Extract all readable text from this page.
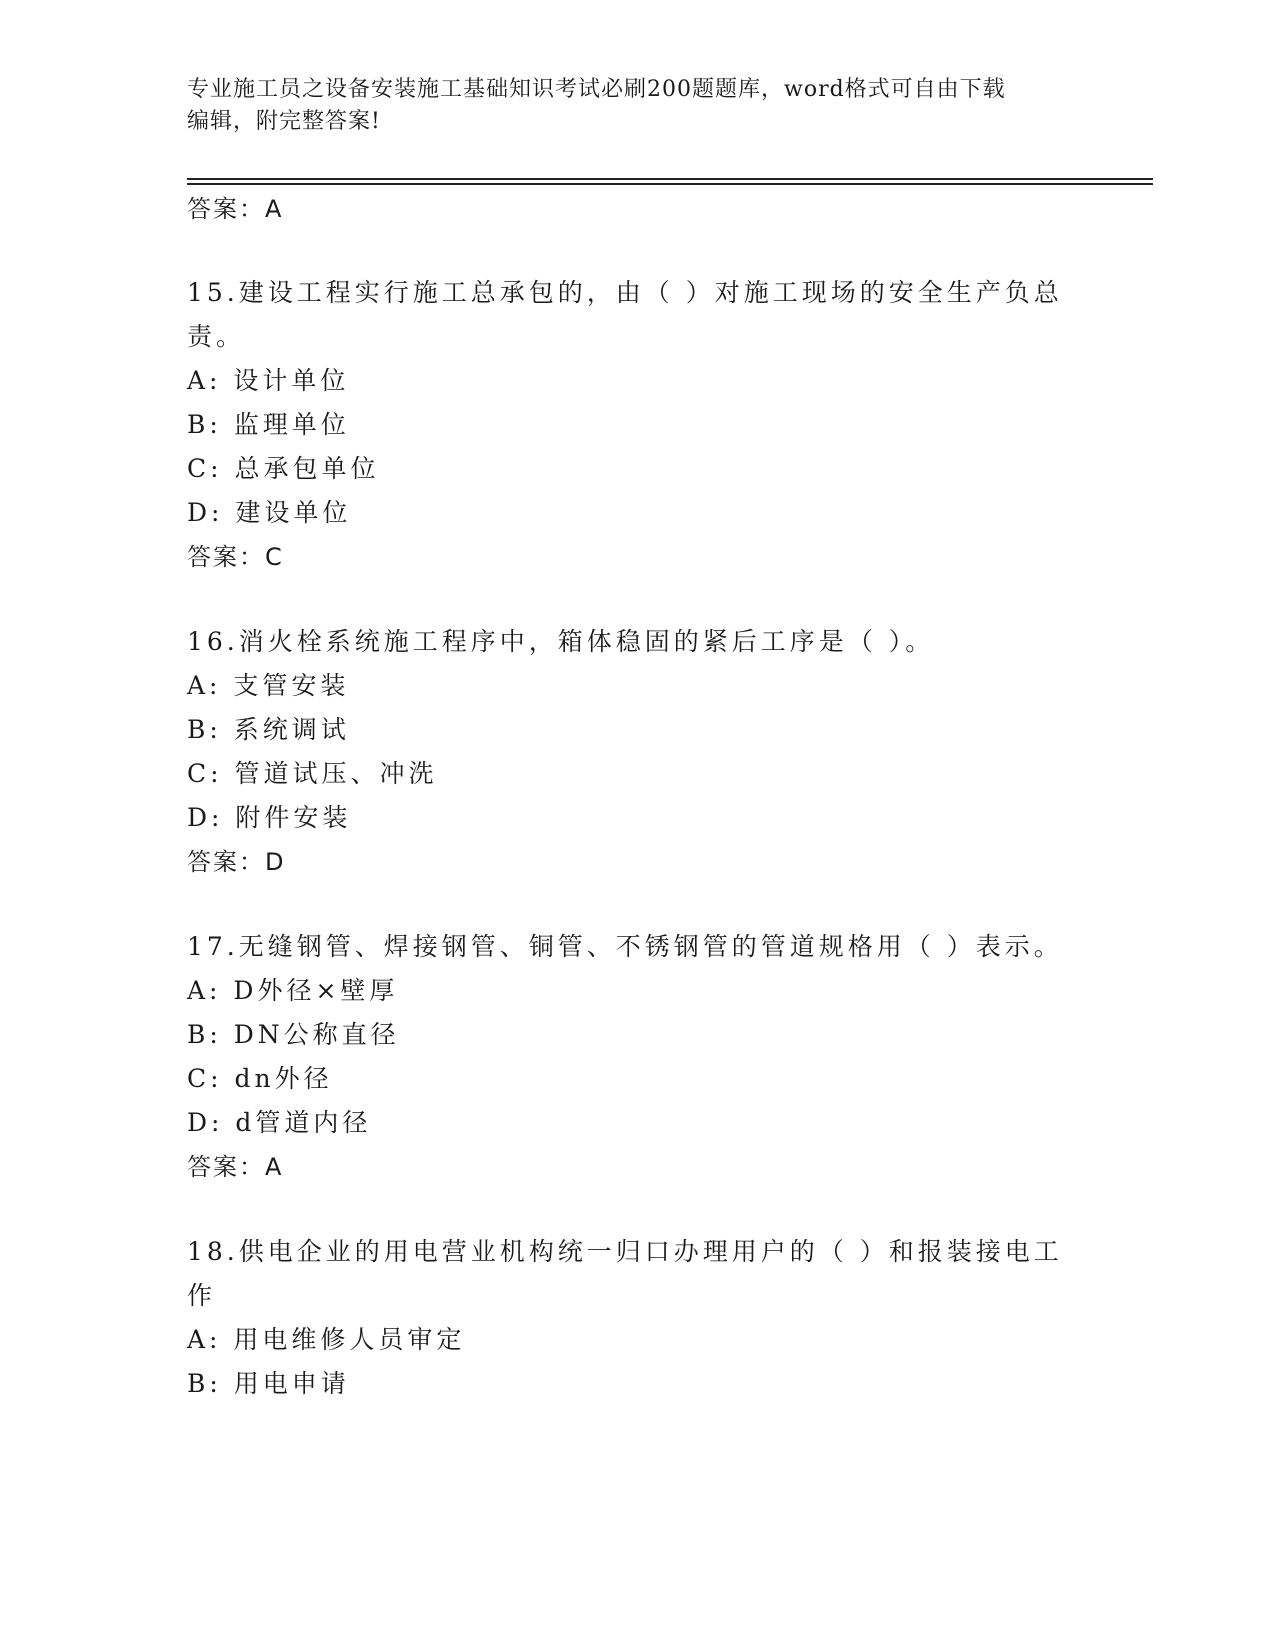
专业施工员之设备安装施工基础知识考试必刷200题题库，word格式可自由下载
编辑，附完整答案!
答案：A
15.建设工程实行施工总承包的，由（ ）对施工现场的安全生产负总
责。
A: 设计单位
B: 监理单位
C: 总承包单位
D: 建设单位
答案：C
16.消火栓系统施工程序中，箱体稳固的紧后工序是（ ）。
A: 支管安装
B: 系统调试
C: 管道试压、冲洗
D: 附件安装
答案：D
17.无缝钢管、焊接钢管、铜管、不锈钢管的管道规格用（ ）表示。
A: D外径×壁厚
B: DN公称直径
C: dn外径
D: d管道内径
答案：A
18.供电企业的用电营业机构统一归口办理用户的（ ）和报装接电工
作
A: 用电维修人员审定
B: 用电申请
